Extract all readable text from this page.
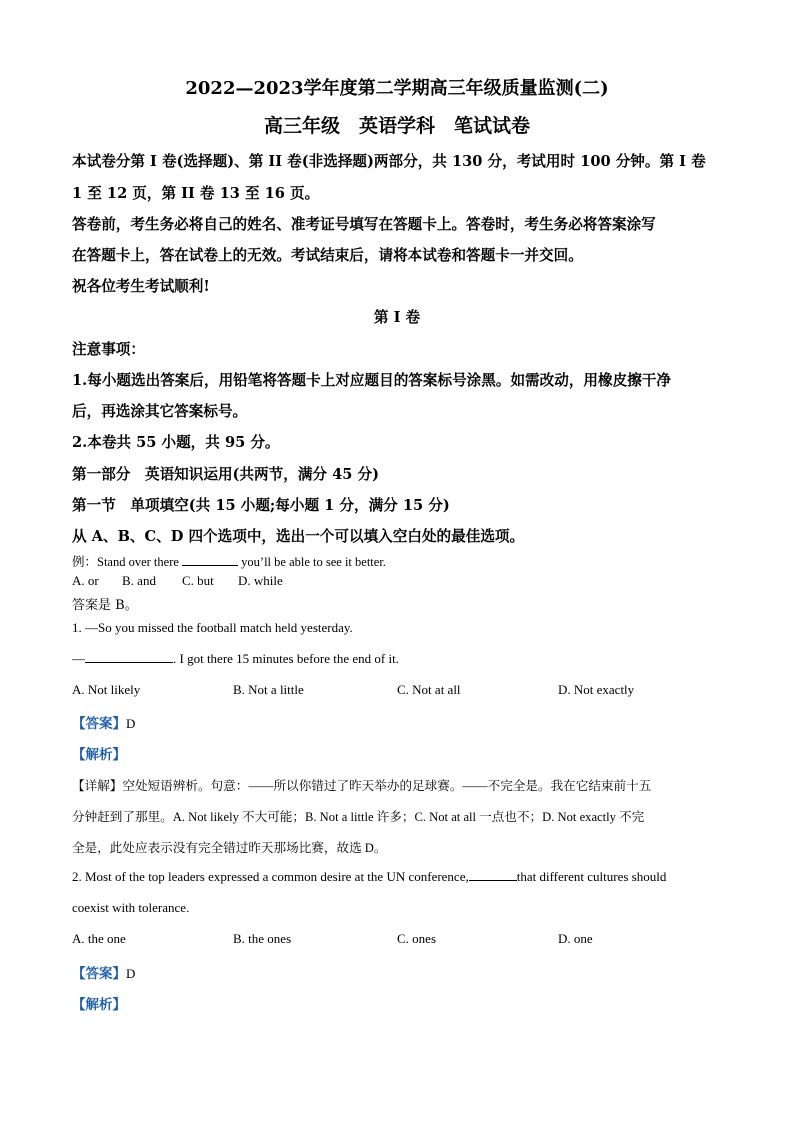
2022—2023学年度第二学期高三年级质量监测(二)
高三年级　英语学科　笔试试卷
本试卷分第 I 卷(选择题)、第 II 卷(非选择题)两部分，共 130 分，考试用时 100 分钟。第 I 卷
1 至 12 页，第 II 卷 13 至 16 页。
答卷前，考生务必将自己的姓名、准考证号填写在答题卡上。答卷时，考生务必将答案涂写
在答题卡上，答在试卷上的无效。考试结束后，请将本试卷和答题卡一并交回。
祝各位考生考试顺利!
第 I 卷
注意事项：
1.每小题选出答案后，用铅笔将答题卡上对应题目的答案标号涂黑。如需改动，用橡皮擦干净
后，再选涂其它答案标号。
2.本卷共 55 小题，共 95 分。
第一部分　英语知识运用(共两节，满分 45 分)
第一节　单项填空(共 15 小题;每小题 1 分，满分 15 分)
从 A、B、C、D 四个选项中，选出一个可以填入空白处的最佳选项。
例：Stand over there	you’ll be able to see it better.
A. or B. and C. but D. while
答案是 B。
1. —So you missed the football match held yesterday.
—	. I got there 15 minutes before the end of it.
A. Not likely	B. Not a little	C. Not at all	D. Not exactly
【答案】D
【解析】
【详解】空处短语辨析。句意：——所以你错过了昨天举办的足球赛。——不完全是。我在它结束前十五
分钟赶到了那里。A. Not likely 不大可能；B. Not a little 许多；C. Not at all 一点也不；D. Not exactly 不完
全是，此处应表示没有完全错过昨天那场比赛，故选 D。
2. Most of the top leaders expressed a common desire at the UN conference,	that different cultures should
coexist with tolerance.
A. the one	B. the ones	C. ones	D. one
【答案】D
【解析】
